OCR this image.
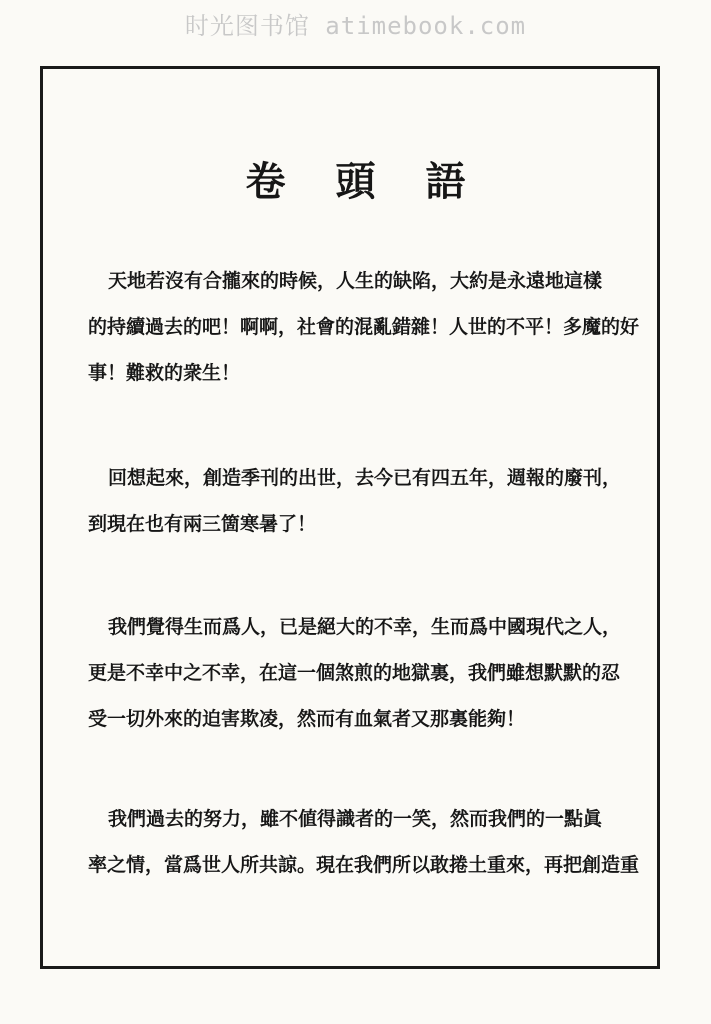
时光图书馆 atimebook.com
卷頭語

天地若沒有合攏來的時候，人生的缺陷，大約是永遠地這樣

的持續過去的吧！啊啊，社會的混亂錯雜！人世的不平！多魔的好

事！難救的衆生！

回想起來，創造季刊的出世，去今已有四五年，週報的廢刊，

到現在也有兩三箇寒暑了！

我們覺得生而爲人，已是絕大的不幸，生而爲中國現代之人，

更是不幸中之不幸，在這一個煞煎的地獄裏，我們雖想默默的忍

受一切外來的迫害欺凌，然而有血氣者又那裏能夠！

我們過去的努力，雖不値得識者的一笑，然而我們的一點眞

率之情，當爲世人所共諒。現在我們所以敢捲土重來，再把創造重
